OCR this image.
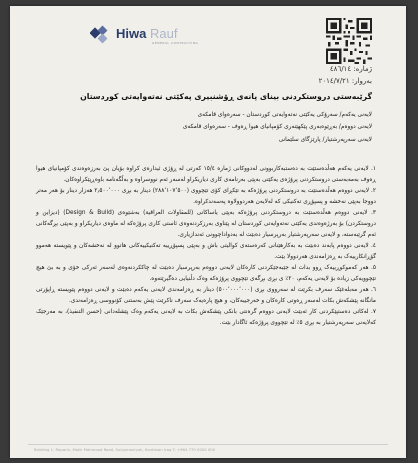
Hiwa Rauf
GENERAL CONTRACTING
ژماره: ٤٨٦/١٤
بەروار: ٢٠١٤/٧/٢١
گرێبەستی دروستکردنی بینای پانەی ڕۆشنبیری پەکێتی نەتەوایەتی کوردستان
لایەنی یەکەم/ سەرۆکی یەکێتی نەتەوایەتی کوردستان - سەرەوای قامکەی
لایەنی دووەم/ بەڕێوەبەری پێکهێنەری کۆمپانیای هیوا ڕەوف - سەرەوای قامکەی
لایەنی سەرپەرشتیار/ پارێزگای سلێمانی

١. لایەنی یەکەم هەڵدەستێت بە دەستبەکاربوونی لەدووکانی ژمارە ١٥/٤ کەرتی لە ڕۆژی ئیدارەی کراوە بۆیان پێ بەرزەوەندی کۆمپانیای هیوا ڕەوف بەمەبەستی دروستکردنی پرۆژەی یەکێتی بەپێی بەرنامەی کاری دیاریکراو لەسەر ئەم نووسراوە و بەڵگەنامە باوەڕپێکراوەکان.

٢. لایەنی دووەم هەڵدەستێت بە دروستکردنی پرۆژەکە بە تێکڕای کۆی تێچووی (٢٨٨٬١٠٧٬٥٠٠) دینار بە بڕی ٢٫٥٠٠٬٠٠٠ هەزار دینار بۆ هەر مەتر دووجا بەپێی نەخشە و پسپۆڕی تەکنیکی کە لەلایەن هەردوولاوە پەسەندکراوە.

٣. لایەنی دووەم هەڵدەستێت بە دروستکردنی پرۆژەکە بەپێی یاساکانی (للمقاولات العراقیة) بەشێوەی (Design & Build) (دیزاین و دروستکردن) بۆ بەرژەوەندی یەکێتی نەتەوایەتی کوردستان لە پێناوی بەرزکردنەوەی ئاستی کاری پرۆژەکە لە ماوەی دیاریکراو و بەپێی بڕگەکانی ئەم گرێبەستە، و لایەنی سەرپەرشتیار بەرپرسیار دەبێت لە بەدواداچوونی ئەندازیاری.

٤. لایەنی دووەم پابەند دەبێت بە بەکارهێنانی کەرەستەی کوالیتی باش و بەپێی پسپۆڕییە تەکنیکییەکانی هاتوو لە نەخشەکان و پێویستە هەموو گۆڕانکارییەک بە ڕەزامەندی هەردوولا بێت.

٥. هەر کەموکوڕییەک ڕوو بدات لە جێبەجێکردنی کارەکان لایەنی دووەم بەرپرسیار دەبێت لە چاککردنەوەی لەسەر ئەرکی خۆی و بە بێ هیچ تێچوویەکی زیادە بۆ لایەنی یەکەم، ٢٠٪ ی بڕی بڕگەی تێچووی پرۆژەکە وەک دڵنیایی دەگیرێتەوە.

٦. هەر مەبلەغێک سەرف بکرێت لە سەرووی بڕی (٥٠٠٬٠٠٠٬٠٠٠) دینار بە ڕەزامەندی لایەنی یەکەم دەبێت و لایەنی دووەم پێویستە ڕاپۆرتی مانگانە پێشکەش بکات لەسەر ڕەوتی کارەکان و خەرجییەکان، و هیچ پارەیەک سەرف ناکرێت پێش بەستنی کۆنووسی ڕەزامەندی.

٧. لەکاتی دەستپێکردنی کار ئەبێت لایەنی دووەم گرەنتی بانکی پێشکەش بکات بە لایەنی یەکەم وەک پێشلەدانی (حسن التنفیذ)، بە مەرجێک کەلایەنی سەرپەرشتیار بە بڕی ٥٪ لە تێچووی پرۆژەکە ئاگادار بێت.

Building 1, Raparin, Malik Mahmood Road, Sulaymaniyah, Kurdistan Iraq T: +964 770 0000 000
